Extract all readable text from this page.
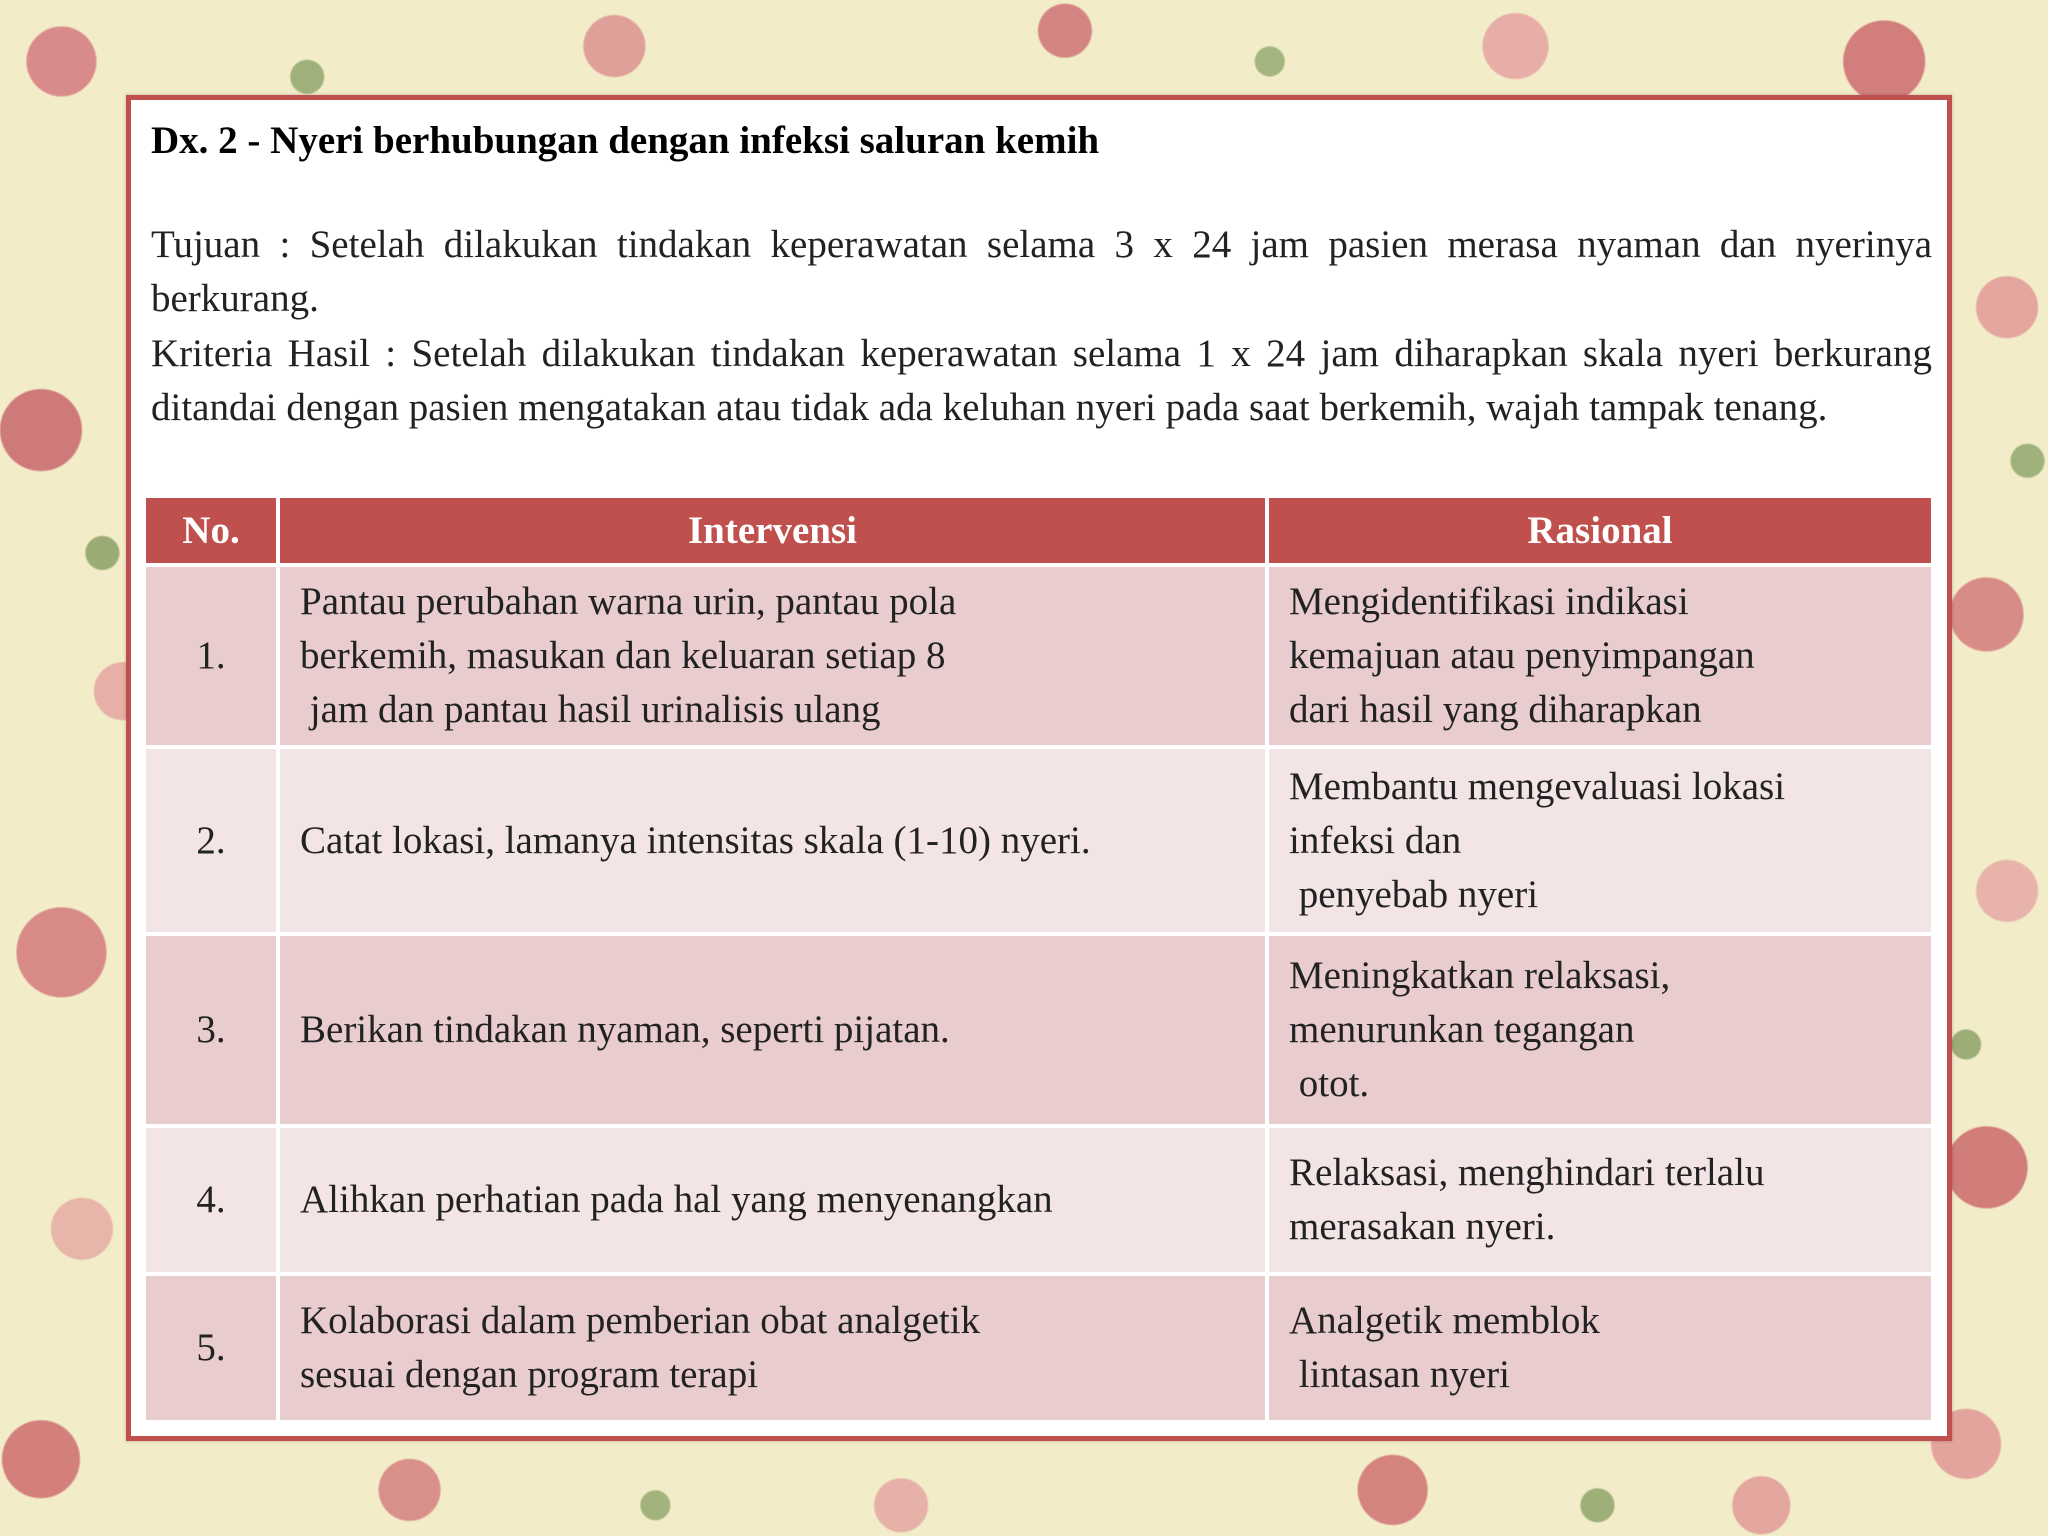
Dx. 2 - Nyeri berhubungan dengan infeksi saluran kemih

Tujuan : Setelah dilakukan tindakan keperawatan selama 3 x 24 jam pasien merasa nyaman dan nyerinya berkurang.

Kriteria Hasil : Setelah dilakukan tindakan keperawatan selama 1 x 24 jam diharapkan skala nyeri berkurang ditandai dengan pasien mengatakan atau tidak ada keluhan nyeri pada saat berkemih, wajah tampak tenang.

No.	Intervensi	Rasional
1.	Pantau perubahan warna urin, pantau pola
berkemih, masukan dan keluaran setiap 8
jam dan pantau hasil urinalisis ulang	Mengidentifikasi indikasi
kemajuan atau penyimpangan
dari hasil yang diharapkan

2.	Catat lokasi, lamanya intensitas skala (1-10) nyeri.	Membantu mengevaluasi lokasi
infeksi dan
penyebab nyeri

3.	Berikan tindakan nyaman, seperti pijatan.	Meningkatkan relaksasi,
menurunkan tegangan
otot.

4.	Alihkan perhatian pada hal yang menyenangkan	Relaksasi, menghindari terlalu
merasakan nyeri.

5.	Kolaborasi dalam pemberian obat analgetik
sesuai dengan program terapi	Analgetik memblok
lintasan nyeri
